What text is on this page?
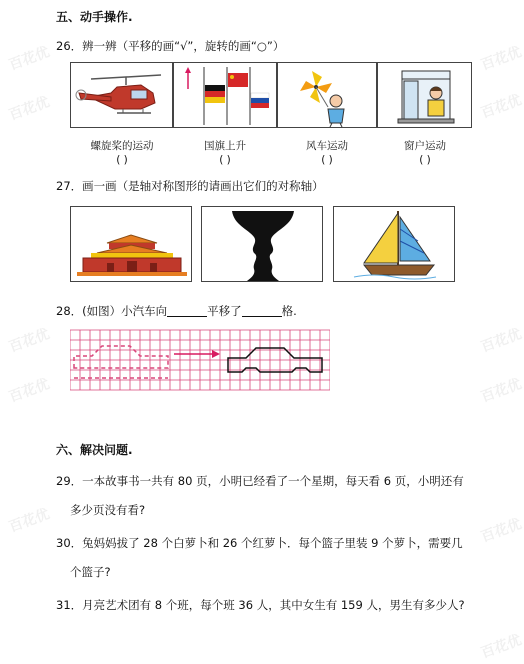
百花优	百花优
百花优	百花优
百花优	百花优
百花优	百花优
百花优	百花优
百花优
五、动手操作.
26．辨一辨（平移的画“√”，旋转的画“○”）
螺旋桨的运动	国旗上升	风车运动	窗户运动
( )	( )	( )	( )
27．画一画（是轴对称图形的请画出它们的对称轴）
28．(如图）小汽车向	平移了	格.
六、解决问题.
29．一本故事书一共有 80 页，小明已经看了一个星期，每天看 6 页，小明还有
多少页没有看?
30．兔妈妈拔了 28 个白萝卜和 26 个红萝卜．每个篮子里装 9 个萝卜，需要几
个篮子?
31．月亮艺术团有 8 个班，每个班 36 人，其中女生有 159 人，男生有多少人?
